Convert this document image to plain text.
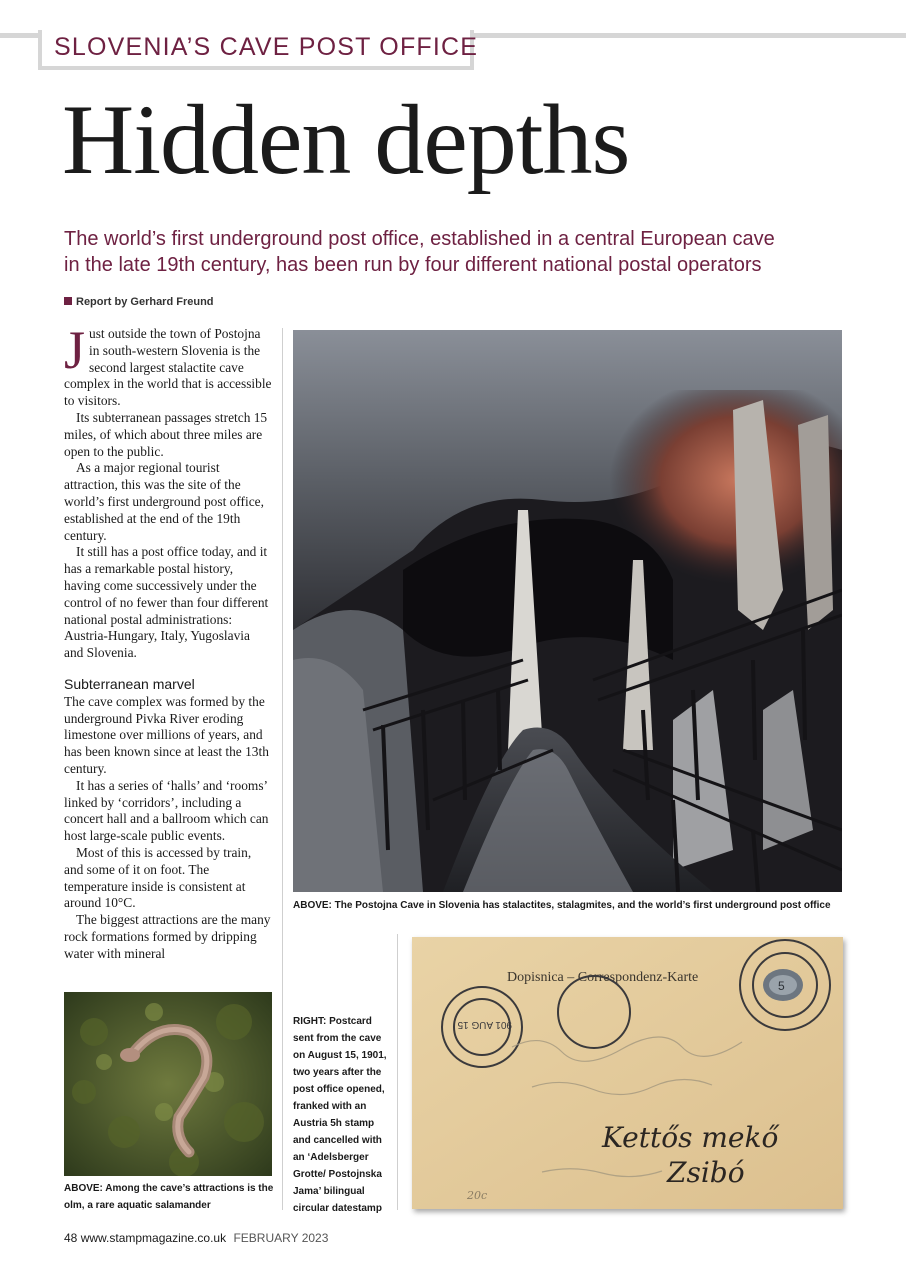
SLOVENIA’S CAVE POST OFFICE
Hidden depths
The world’s first underground post office, established in a central European cave
in the late 19th century, has been run by four different national postal operators
Report by Gerhard Freund

Just outside the town of Postojna in south-western Slovenia is the second largest stalactite cave complex in the world that is accessible to visitors.

Its subterranean passages stretch 15 miles, of which about three miles are open to the public.

As a major regional tourist attraction, this was the site of the world’s first underground post office, established at the end of the 19th century.

It still has a post office today, and it has a remarkable postal history, having come successively under the control of no fewer than four different national postal administrations: Austria-Hungary, Italy, Yugoslavia and Slovenia.

Subterranean marvel

The cave complex was formed by the underground Pivka River eroding limestone over millions of years, and has been known since at least the 13th century.

It has a series of ‘halls’ and ‘rooms’ linked by ‘corridors’, including a concert hall and a ballroom which can host large-scale public events.

Most of this is accessed by train, and some of it on foot. The temperature inside is consistent at around 10°C.

The biggest attractions are the many rock formations formed by dripping water with mineral

ABOVE: The Postojna Cave in Slovenia has stalactites, stalagmites, and the world’s first underground post office
ABOVE: Among the cave’s attractions is the olm, a rare aquatic salamander
RIGHT: Postcard sent from the cave on August 15, 1901, two years after the post office opened, franked with an Austria 5h stamp and cancelled with an ‘Adelsberger Grotte/ Postojnska Jama’ bilingual circular datestamp
Dopisnica – Correspondenz-Karte
901 AUG 15
5
Kettős mekő
Zsibó
20c
48 www.stampmagazine.co.uk FEBRUARY 2023
